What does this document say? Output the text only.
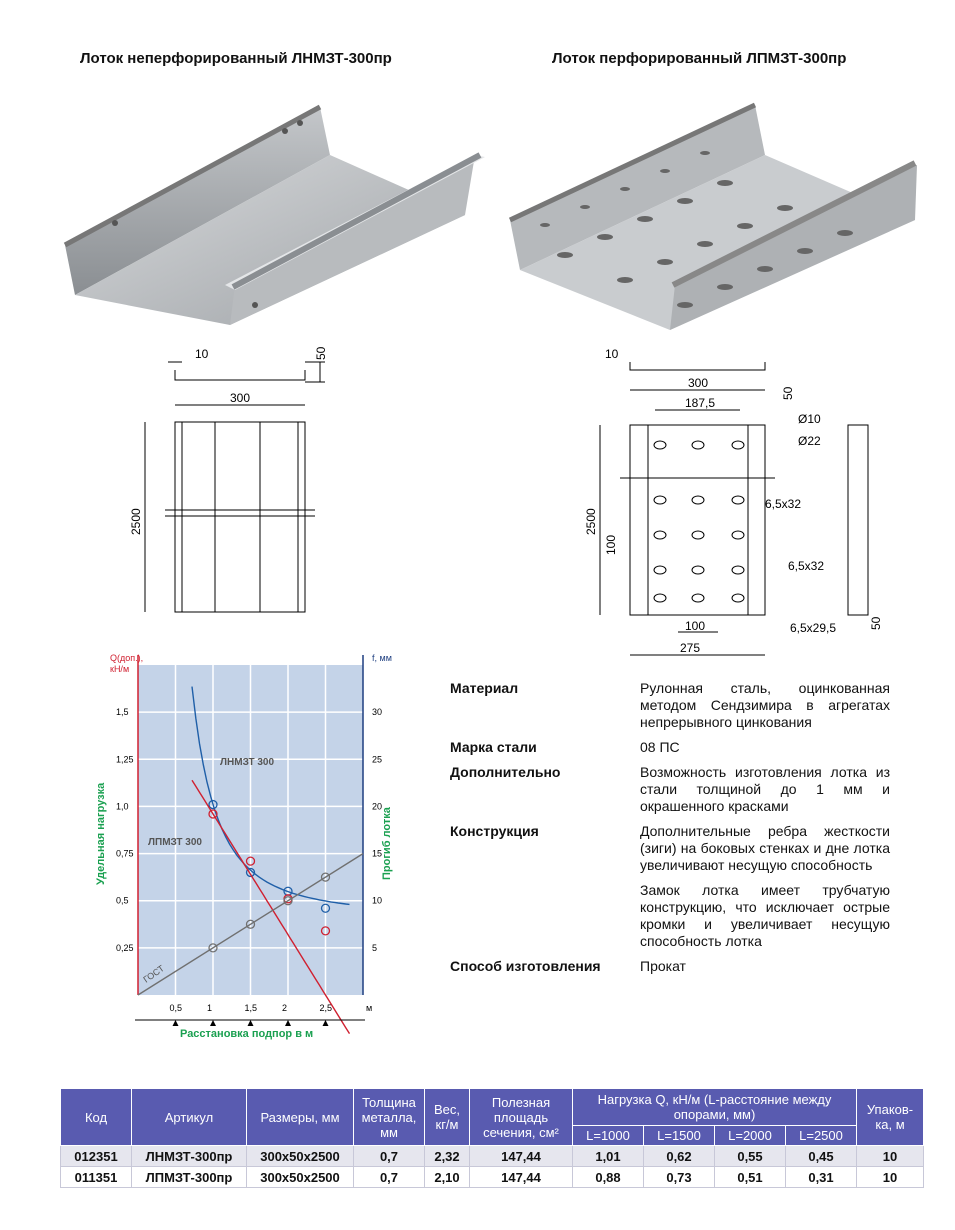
Лоток неперфорированный ЛНМЗТ-300пр	Лоток перфорированный ЛПМЗТ-300пр
10	50
300
2500
10
300
50
187,5
Ø10
Ø22
2500
6,5x32
100
6,5x32
100	6,5x29,5
275
50
0,5	1	1,5	2	2,5
0,25
0,5
0,75
1,0
1,25
1,5
5
10
15
20
25
30
Q(доп.),
кН/м
f, мм
Удельная нагрузка	Прогиб лотка
Расстановка подпор в м
м
ЛНМЗТ 300
ЛПМЗТ 300
ГОСТ
Материал	Рулонная сталь, оцинкованная методом Сендзимира в агрегатах непрерывного цинкования
Марка стали	08 ПС
Дополнительно	Возможность изготовления лотка из стали толщиной до 1 мм и окрашенного красками
Конструкция	Дополнительные ребра жесткости (зиги) на боковых стенках и дне лотка увеличивают несущую способность
Замок лотка имеет трубчатую конструкцию, что исключает острые кромки и увеличивает несущую способность лотка
Способ изготовления	Прокат
Код	Артикул	Размеры, мм	Толщина металла, мм	Вес, кг/м	Полезная площадь сечения, см²	Нагрузка Q, кН/м (L-расстояние между опорами, мм)				Упаков-ка, м
						L=1000	L=1500	L=2000	L=2500	
012351	ЛНМЗТ-300пр	300x50x2500	0,7	2,32	147,44	1,01	0,62	0,55	0,45	10
011351	ЛПМЗТ-300пр	300x50x2500	0,7	2,10	147,44	0,88	0,73	0,51	0,31	10
